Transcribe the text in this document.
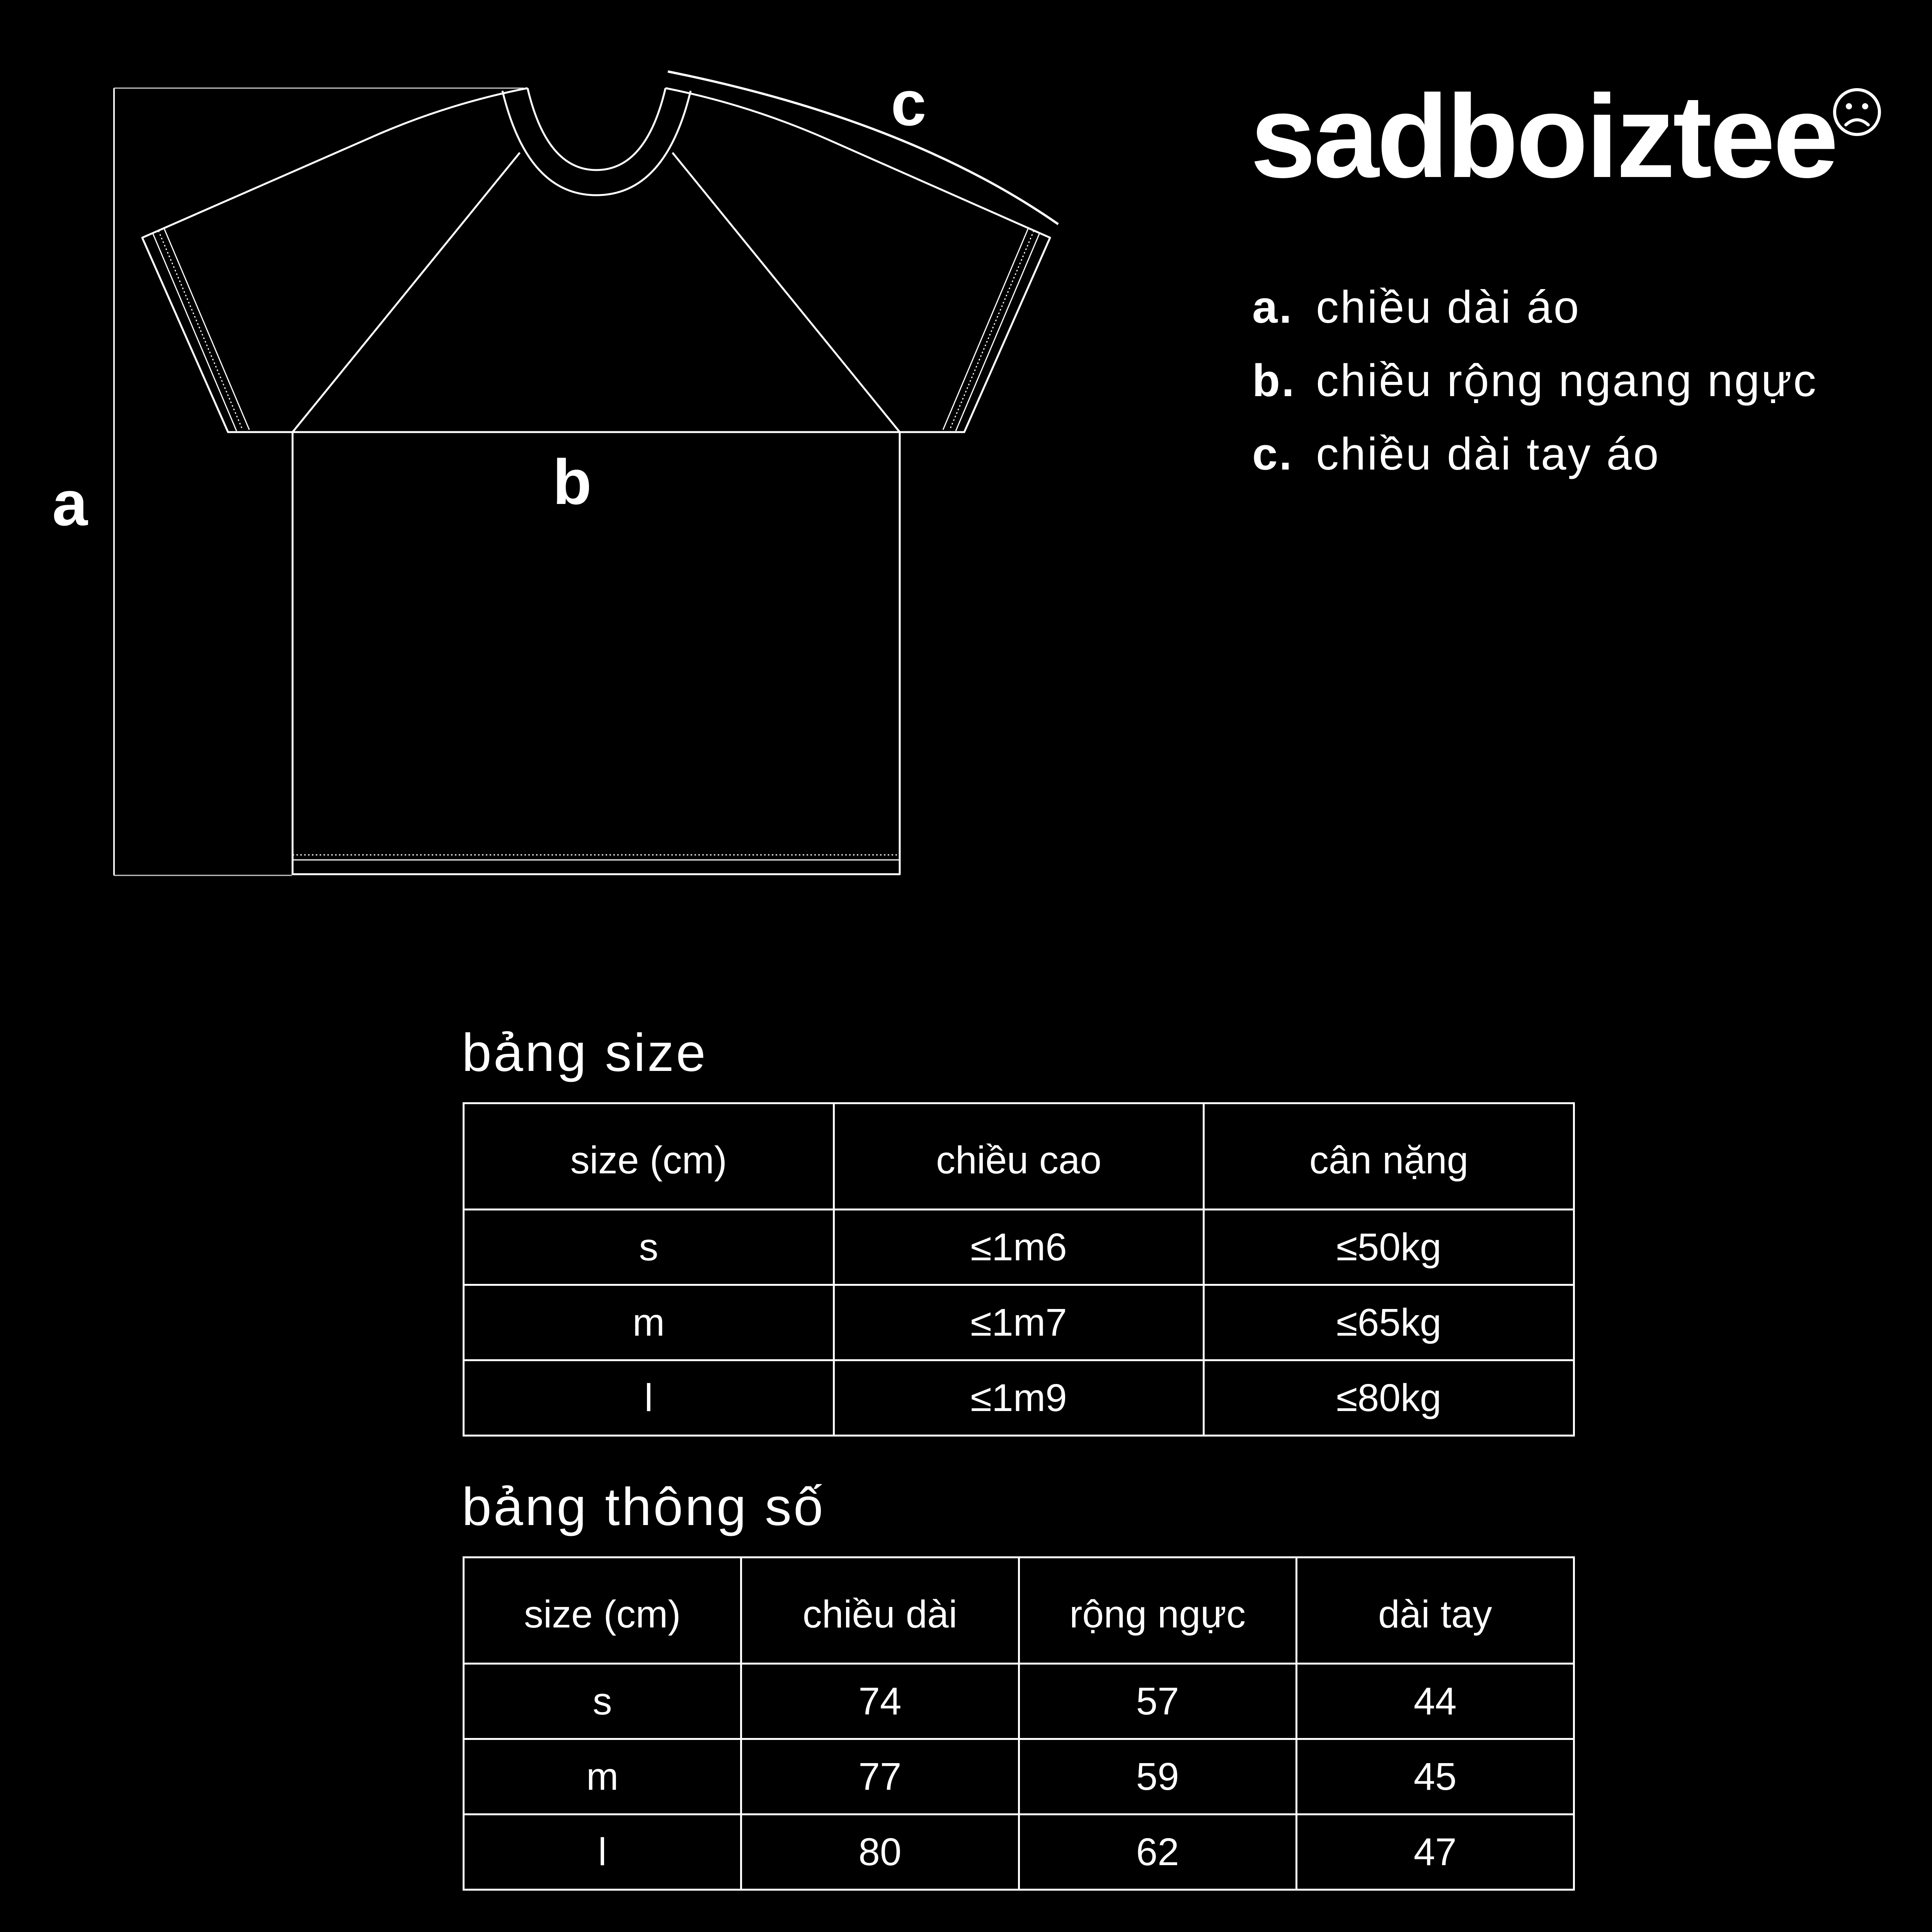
a	b
c	sadboiztee
a. chiều dài áo
b. chiều rộng ngang ngực
c. chiều dài tay áo
bảng size
size (cm)	chiều cao	cân nặng
s	≤1m6	≤50kg
m	≤1m7	≤65kg
l	≤1m9	≤80kg
bảng thông số
size (cm)	chiều dài	rộng ngực	dài tay
s	74	57	44
m	77	59	45
l	80	62	47
